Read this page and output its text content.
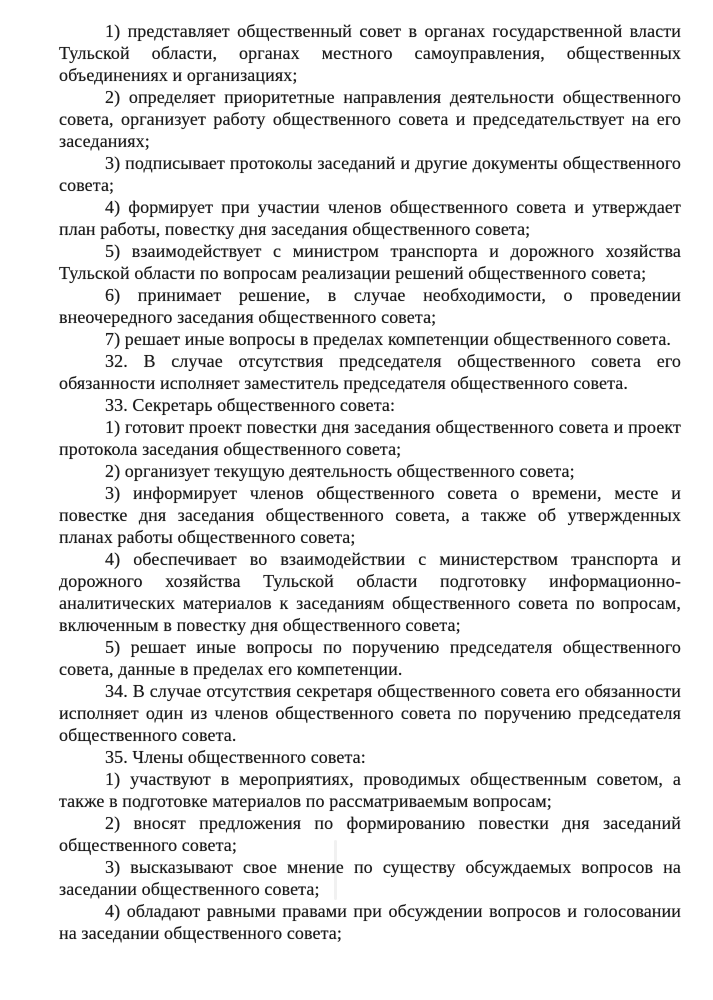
1) представляет общественный совет в органах государственной власти Тульской области, органах местного самоуправления, общественных объединениях и организациях;

2) определяет приоритетные направления деятельности общественного совета, организует работу общественного совета и председательствует на его заседаниях;

3) подписывает протоколы заседаний и другие документы общественного совета;

4) формирует при участии членов общественного совета и утверждает план работы, повестку дня заседания общественного совета;

5) взаимодействует с министром транспорта и дорожного хозяйства Тульской области по вопросам реализации решений общественного совета;

6) принимает решение, в случае необходимости, о проведении внеочередного заседания общественного совета;

7) решает иные вопросы в пределах компетенции общественного совета.

32. В случае отсутствия председателя общественного совета его обязанности исполняет заместитель председателя общественного совета.

33. Секретарь общественного совета:

1) готовит проект повестки дня заседания общественного совета и проект протокола заседания общественного совета;

2) организует текущую деятельность общественного совета;

3) информирует членов общественного совета о времени, месте и повестке дня заседания общественного совета, а также об утвержденных планах работы общественного совета;

4) обеспечивает во взаимодействии с министерством транспорта и дорожного хозяйства Тульской области подготовку информационно-аналитических материалов к заседаниям общественного совета по вопросам, включенным в повестку дня общественного совета;

5) решает иные вопросы по поручению председателя общественного совета, данные в пределах его компетенции.

34. В случае отсутствия секретаря общественного совета его обязанности исполняет один из членов общественного совета по поручению председателя общественного совета.

35. Члены общественного совета:

1) участвуют в мероприятиях, проводимых общественным советом, а также в подготовке материалов по рассматриваемым вопросам;

2) вносят предложения по формированию повестки дня заседаний общественного совета;

3) высказывают свое мнение по существу обсуждаемых вопросов на заседании общественного совета;

4) обладают равными правами при обсуждении вопросов и голосовании на заседании общественного совета;
